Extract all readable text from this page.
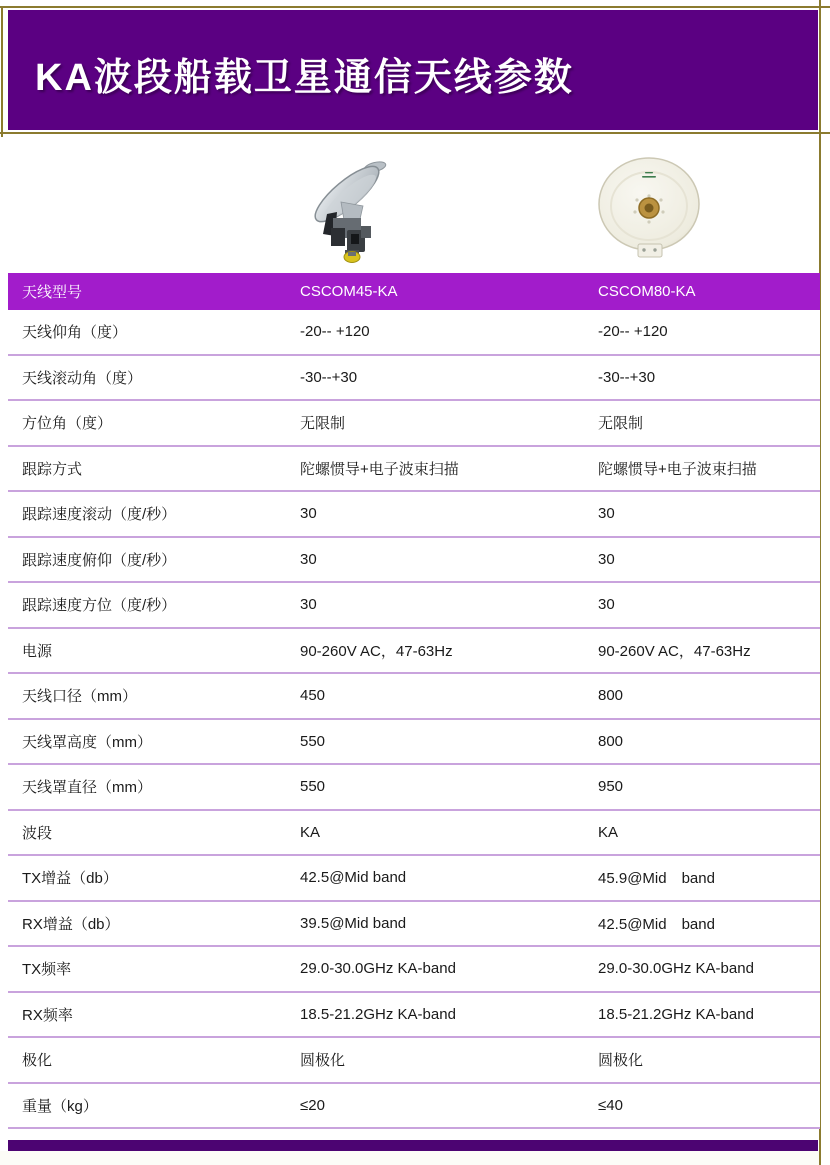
KA波段船载卫星通信天线参数
天线型号	CSCOM45-KA	CSCOM80-KA
天线仰角（度）	-20-- +120	-20-- +120
天线滚动角（度）	-30--+30	-30--+30
方位角（度）	无限制	无限制
跟踪方式	陀螺惯导+电子波束扫描	陀螺惯导+电子波束扫描
跟踪速度滚动（度/秒）	30	30
跟踪速度俯仰（度/秒）	30	30
跟踪速度方位（度/秒）	30	30
电源	90-260V AC，47-63Hz	90-260V AC，47-63Hz
天线口径（mm）	450	800
天线罩高度（mm）	550	800
天线罩直径（mm）	550	950
波段	KA	KA
TX增益（db）	42.5@Mid band	45.9@Mid　band
RX增益（db）	39.5@Mid band	42.5@Mid　band
TX频率	29.0-30.0GHz KA-band	29.0-30.0GHz KA-band
RX频率	18.5-21.2GHz KA-band	18.5-21.2GHz KA-band
极化	圆极化	圆极化
重量（kg）	≤20	≤40
